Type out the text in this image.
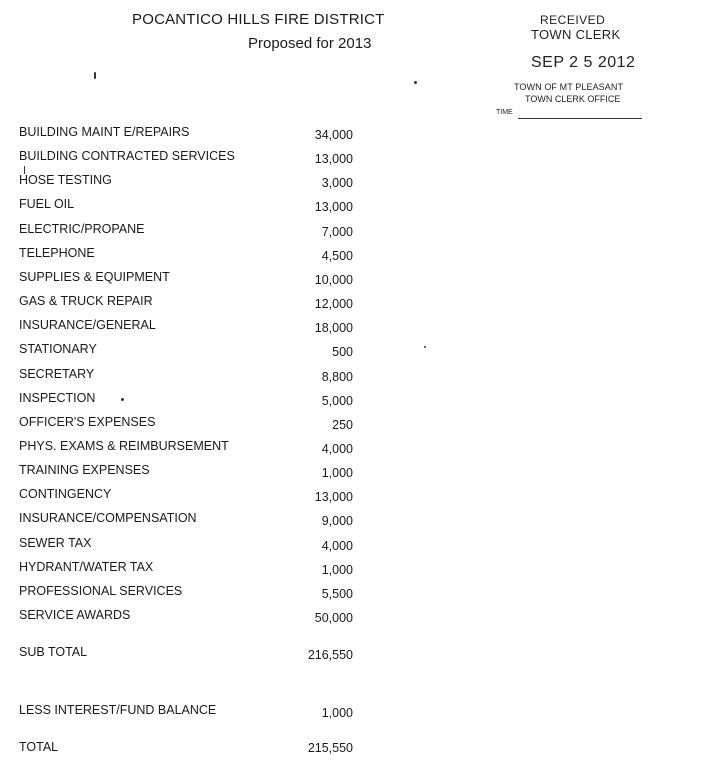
POCANTICO HILLS FIRE DISTRICT
Proposed for 2013
RECEIVED
TOWN CLERK
SEP 2 5 2012
TOWN OF MT PLEASANT
TOWN CLERK OFFICE
TIME
BUILDING MAINT E/REPAIRS	34,000
BUILDING CONTRACTED SERVICES	13,000
HOSE TESTING	3,000
FUEL OIL	13,000
ELECTRIC/PROPANE	7,000
TELEPHONE	4,500
SUPPLIES & EQUIPMENT	10,000
GAS & TRUCK REPAIR	12,000
INSURANCE/GENERAL	18,000
STATIONARY	500
SECRETARY	8,800
INSPECTION	5,000
OFFICER'S EXPENSES	250
PHYS. EXAMS & REIMBURSEMENT	4,000
TRAINING EXPENSES	1,000
CONTINGENCY	13,000
INSURANCE/COMPENSATION	9,000
SEWER TAX	4,000
HYDRANT/WATER TAX	1,000
PROFESSIONAL SERVICES	5,500
SERVICE AWARDS	50,000
SUB TOTAL	216,550
LESS INTEREST/FUND BALANCE	1,000
TOTAL	215,550
